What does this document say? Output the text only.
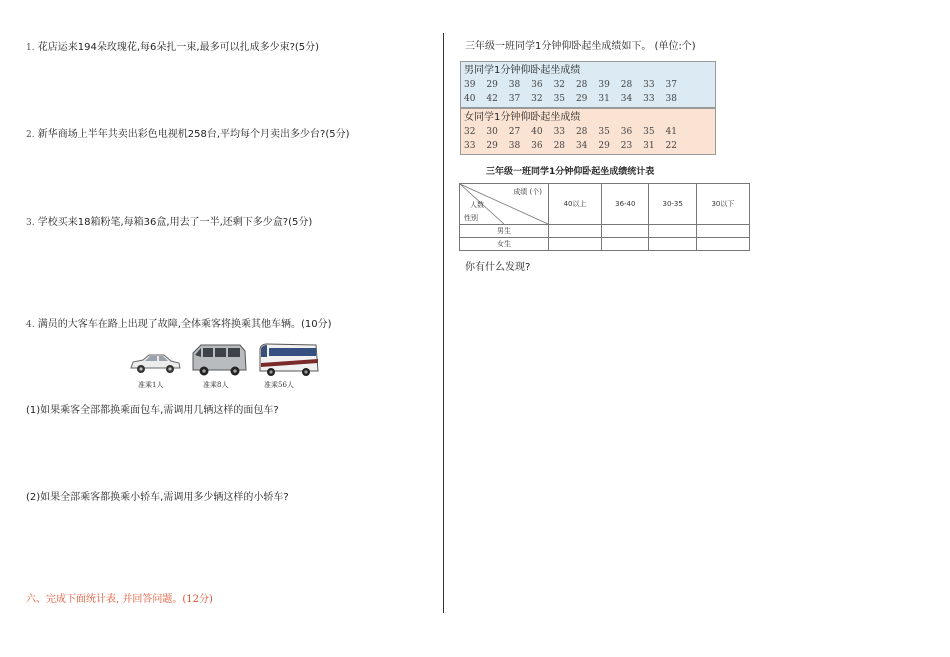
1. 花店运来194朵玫瑰花,每6朵扎一束,最多可以扎成多少束?(5分)
2. 新华商场上半年共卖出彩色电视机258台,平均每个月卖出多少台?(5分)
3. 学校买来18箱粉笔,每箱36盒,用去了一半,还剩下多少盒?(5分)
4. 满员的大客车在路上出现了故障,全体乘客将换乘其他车辆。(10分)
准乘1人	准乘8人	准乘56人
(1)如果乘客全部都换乘面包车,需调用几辆这样的面包车?
(2)如果全部乘客都换乘小轿车,需调用多少辆这样的小轿车?
六、完成下面统计表, 并回答问题。(12分)
三年级一班同学1分钟仰卧起坐成绩如下。 (单位:个)
男同学1分钟仰卧起坐成绩
39	29	38	36	32	28	39	28	33	37
40	42	37	32	35	29	31	34	33	38
女同学1分钟仰卧起坐成绩
32	30	27	40	33	28	35	36	35	41
33	29	38	36	28	34	29	23	31	22
三年级一班同学1分钟仰卧起坐成绩统计表
成绩 (个)
人数
性别	40以上	36-40	30-35	30以下
男生				
女生				
你有什么发现?
